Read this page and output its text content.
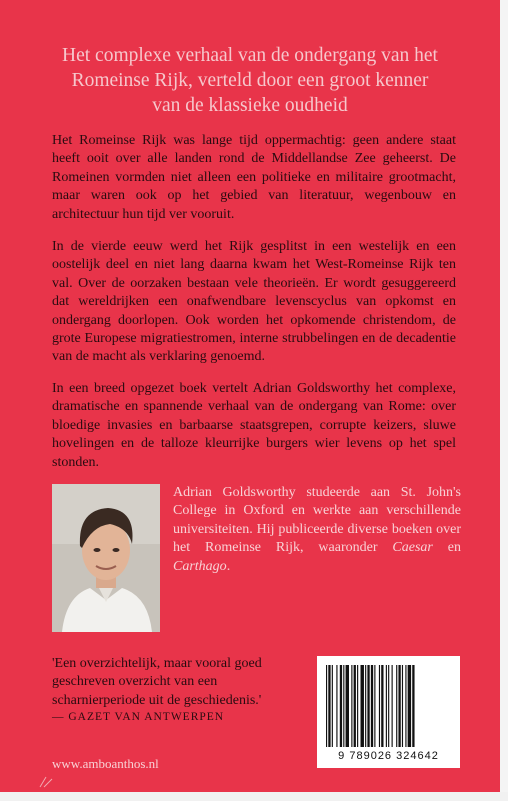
Het complexe verhaal van de ondergang van het
Romeinse Rijk, verteld door een groot kenner
van de klassieke oudheid

Het Romeinse Rijk was lange tijd oppermachtig: geen andere staat heeft ooit over alle landen rond de Middellandse Zee geheerst. De Romeinen vormden niet alleen een politieke en militaire grootmacht, maar waren ook op het gebied van literatuur, wegenbouw en architectuur hun tijd ver vooruit.

In de vierde eeuw werd het Rijk gesplitst in een westelijk en een oostelijk deel en niet lang daarna kwam het West-Romeinse Rijk ten val. Over de oorzaken bestaan vele theorieën. Er wordt gesuggereerd dat wereldrijken een onafwendbare levenscyclus van opkomst en ondergang doorlopen. Ook worden het opkomende christendom, de grote Europese migratiestromen, interne strubbelingen en de decadentie van de macht als verklaring genoemd.

In een breed opgezet boek vertelt Adrian Goldsworthy het complexe, dramatische en spannende verhaal van de ondergang van Rome: over bloedige invasies en barbaarse staatsgrepen, corrupte keizers, sluwe hovelingen en de talloze kleurrijke burgers wier levens op het spel stonden.

Adrian Goldsworthy studeerde aan St. John's College in Oxford en werkte aan verschillende universiteiten. Hij publiceerde diverse boeken over het Romeinse Rijk, waaronder Caesar en Carthago.

'Een overzichtelijk, maar vooral goed geschreven overzicht van een scharnierperiode uit de geschiedenis.'

— GAZET VAN ANTWERPEN

9 789026 324642

www.amboanthos.nl
